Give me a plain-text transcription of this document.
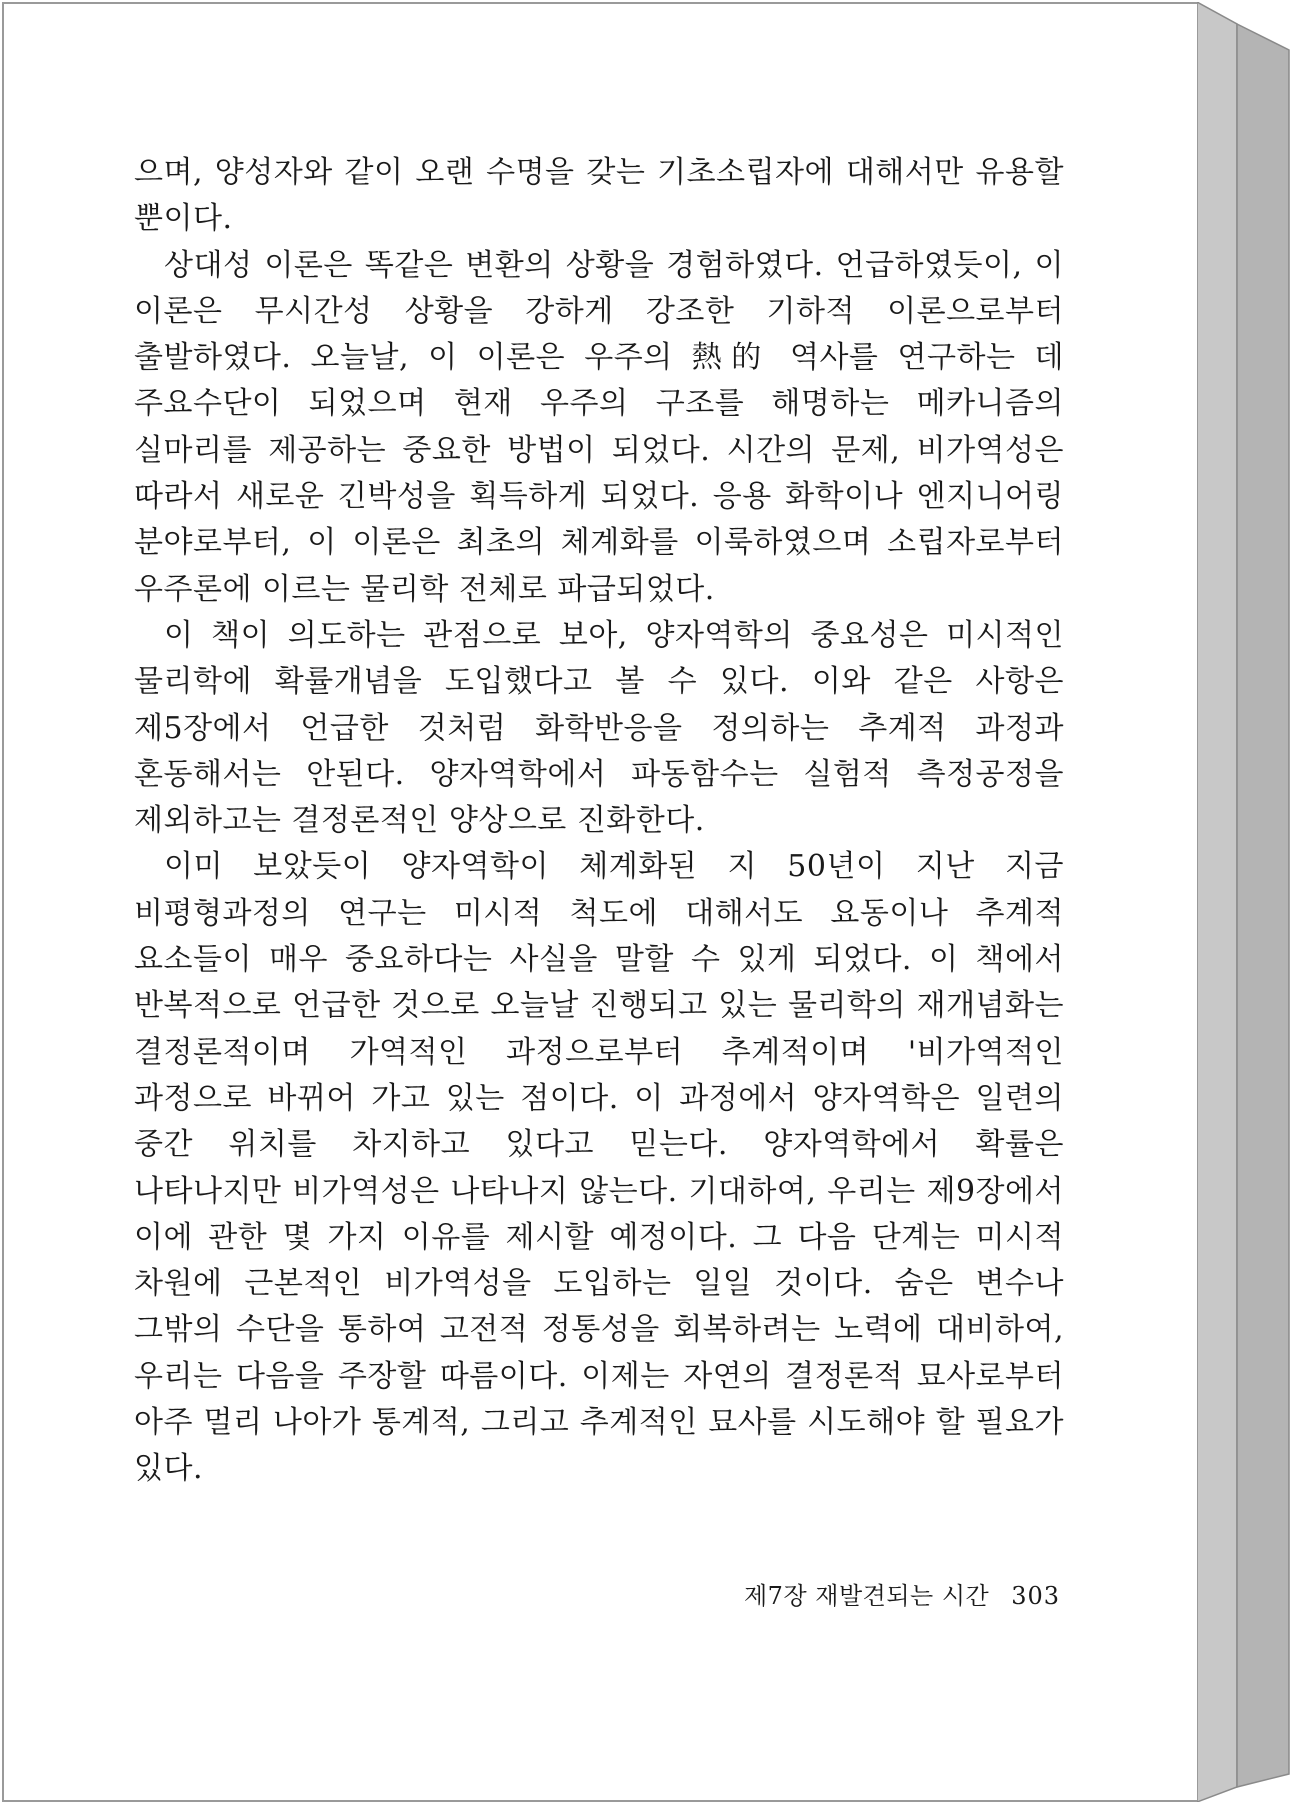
으며, 양성자와 같이 오랜 수명을 갖는 기초소립자에 대해서만 유용할 뿐이다.

상대성 이론은 똑같은 변환의 상황을 경험하였다. 언급하였듯이, 이 이론은 무시간성 상황을 강하게 강조한 기하적 이론으로부터 출발하였다. 오늘날, 이 이론은 우주의 熱的 역사를 연구하는 데 주요수단이 되었으며 현재 우주의 구조를 해명하는 메카니즘의 실마리를 제공하는 중요한 방법이 되었다. 시간의 문제, 비가역성은 따라서 새로운 긴박성을 획득하게 되었다. 응용 화학이나 엔지니어링 분야로부터, 이 이론은 최초의 체계화를 이룩하였으며 소립자로부터 우주론에 이르는 물리학 전체로 파급되었다.

이 책이 의도하는 관점으로 보아, 양자역학의 중요성은 미시적인 물리학에 확률개념을 도입했다고 볼 수 있다. 이와 같은 사항은 제5장에서 언급한 것처럼 화학반응을 정의하는 추계적 과정과 혼동해서는 안된다. 양자역학에서 파동함수는 실험적 측정공정을 제외하고는 결정론적인 양상으로 진화한다.

이미 보았듯이 양자역학이 체계화된 지 50년이 지난 지금 비평형과정의 연구는 미시적 척도에 대해서도 요동이나 추계적 요소들이 매우 중요하다는 사실을 말할 수 있게 되었다. 이 책에서 반복적으로 언급한 것으로 오늘날 진행되고 있는 물리학의 재개념화는 결정론적이며 가역적인 과정으로부터 추계적이며 '비가역적인 과정으로 바뀌어 가고 있는 점이다. 이 과정에서 양자역학은 일련의 중간 위치를 차지하고 있다고 믿는다. 양자역학에서 확률은 나타나지만 비가역성은 나타나지 않는다. 기대하여, 우리는 제9장에서 이에 관한 몇 가지 이유를 제시할 예정이다. 그 다음 단계는 미시적 차원에 근본적인 비가역성을 도입하는 일일 것이다. 숨은 변수나 그밖의 수단을 통하여 고전적 정통성을 회복하려는 노력에 대비하여, 우리는 다음을 주장할 따름이다. 이제는 자연의 결정론적 묘사로부터 아주 멀리 나아가 통계적, 그리고 추계적인 묘사를 시도해야 할 필요가 있다.

제7장 재발견되는 시간 303
